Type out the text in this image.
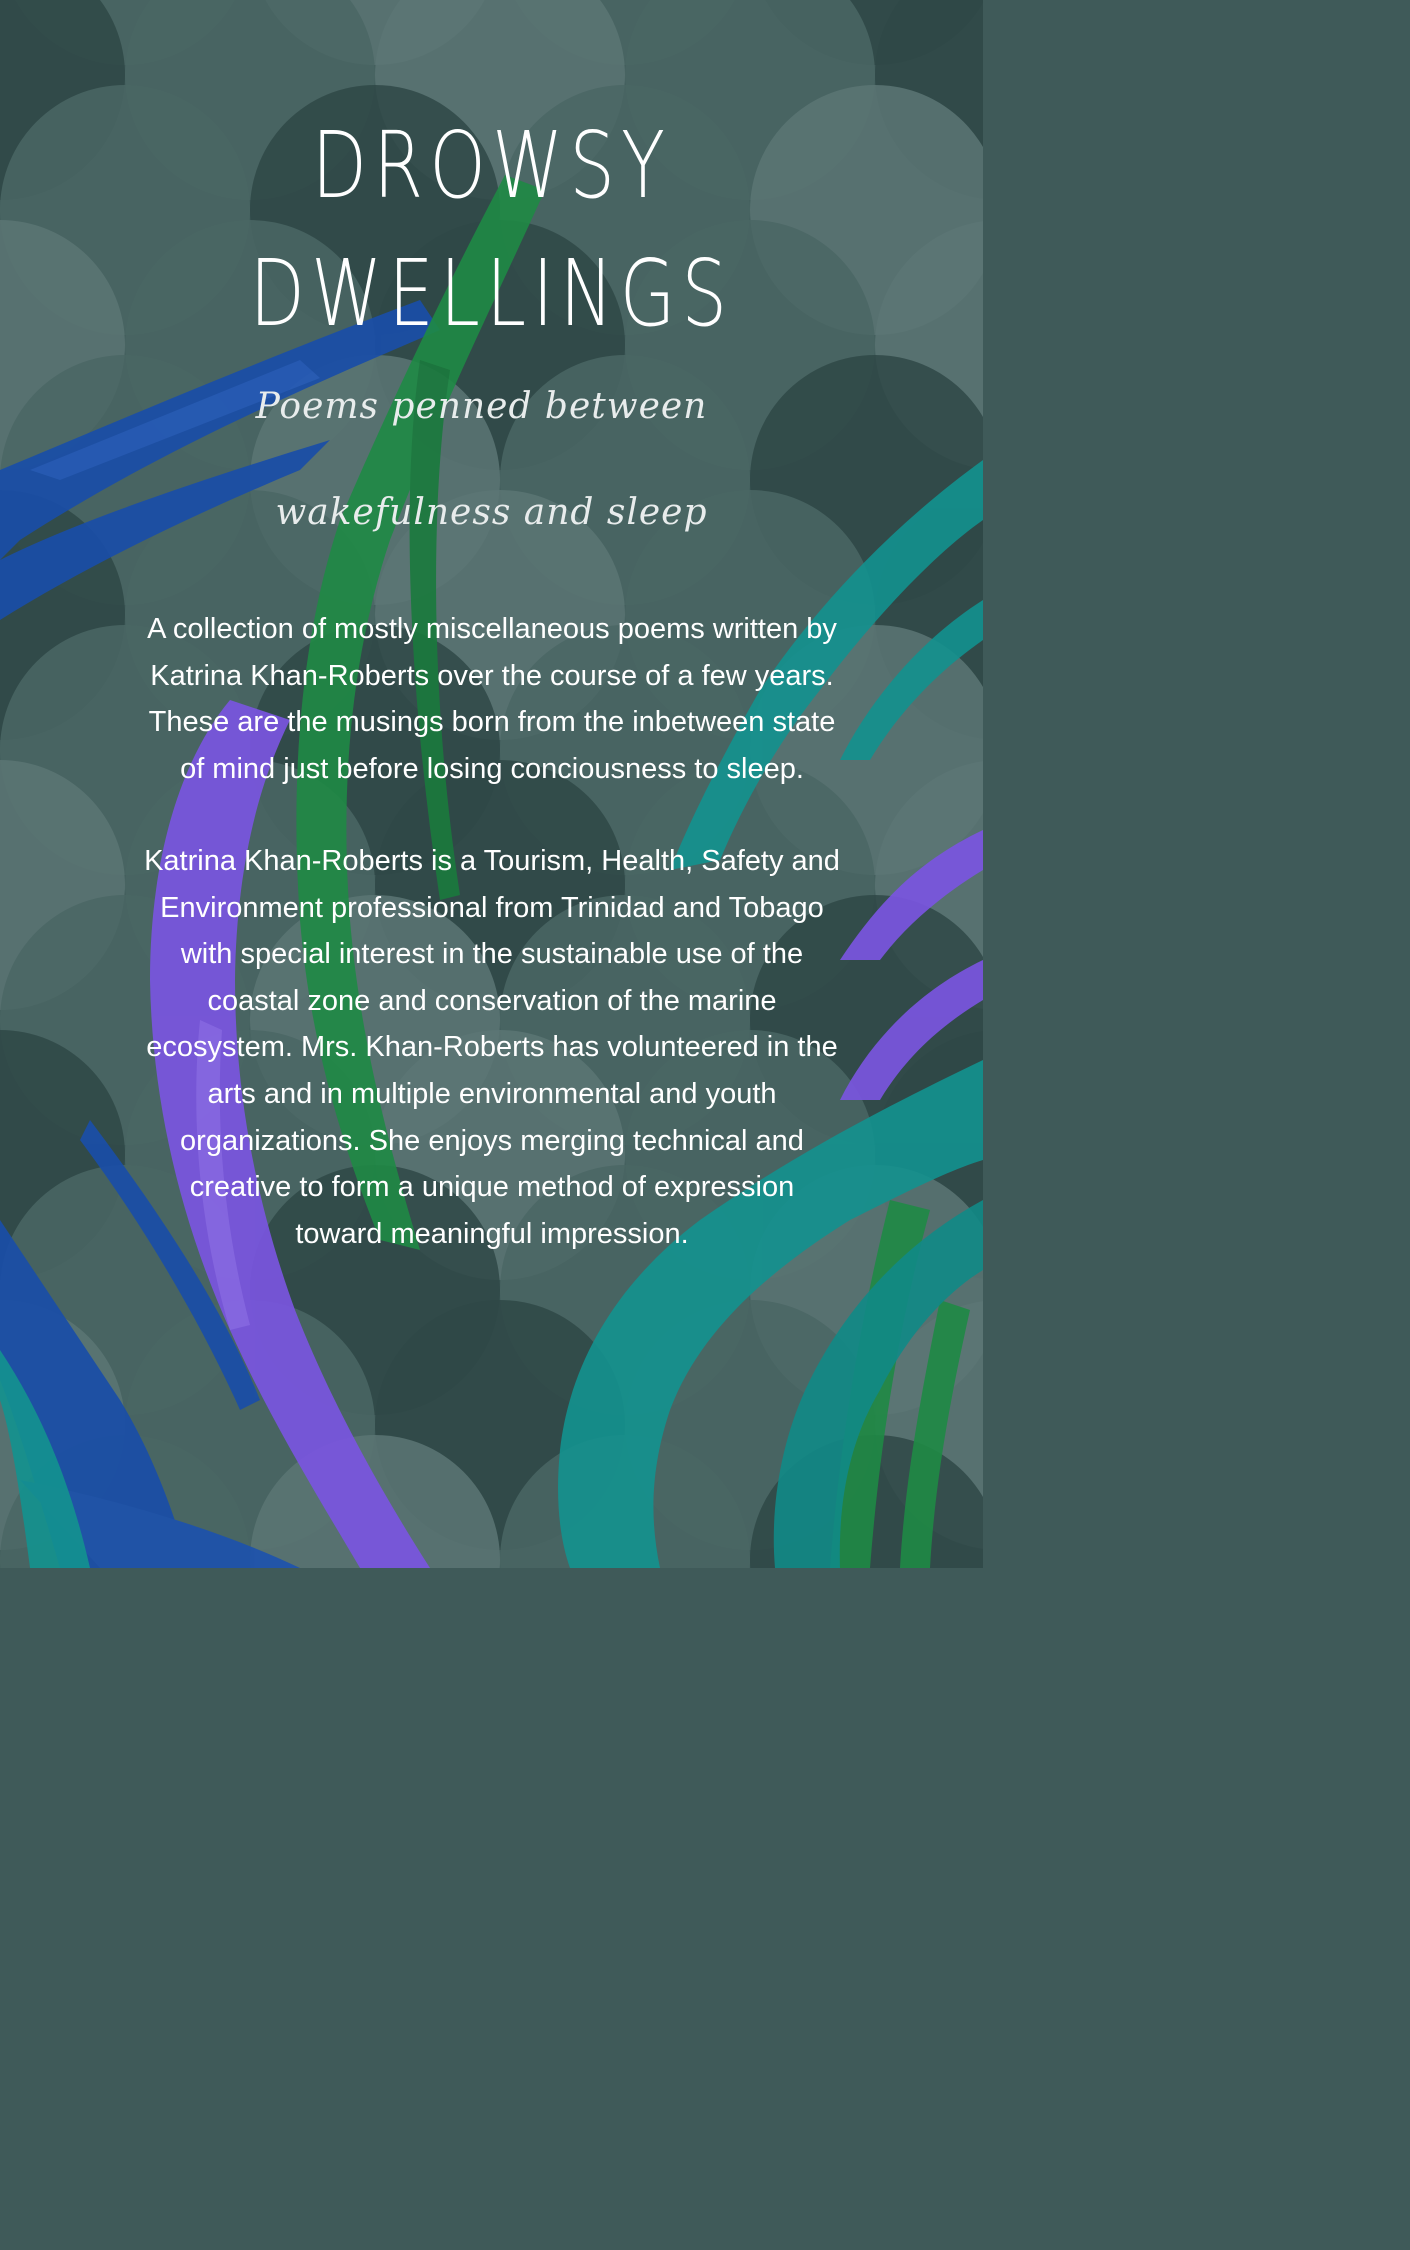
DROWSY
DWELLINGS
Poems penned between
wakefulness and sleep
A collection of mostly miscellaneous poems written by
Katrina Khan-Roberts over the course of a few years.
These are the musings born from the inbetween state
of mind just before losing conciousness to sleep.
Katrina Khan-Roberts is a Tourism, Health, Safety and
Environment professional from Trinidad and Tobago
with special interest in the sustainable use of the
coastal zone and conservation of the marine
ecosystem. Mrs. Khan-Roberts has volunteered in the
arts and in multiple environmental and youth
organizations. She enjoys merging technical and
creative to form a unique method of expression
toward meaningful impression.
